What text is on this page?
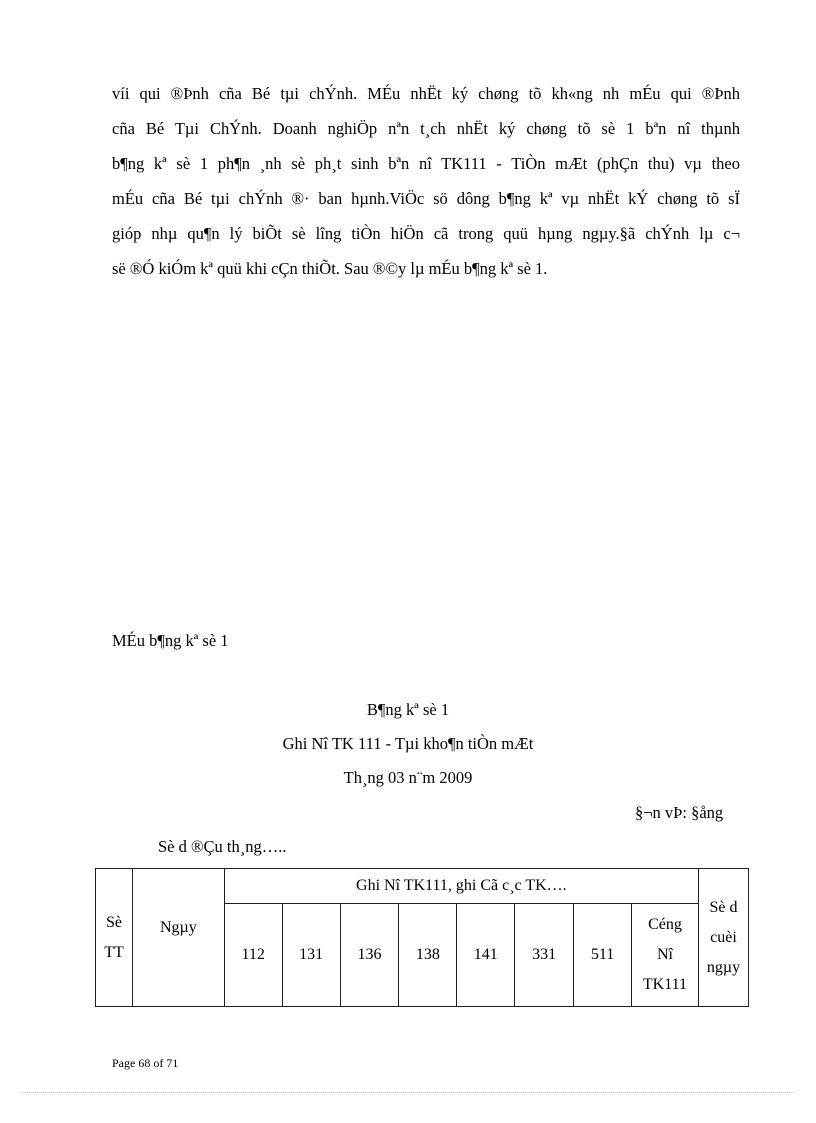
víi qui ®Þnh cña Bé tµi chÝnh. MÉu nhËt ký chøng tõ kh«ng nh mÉu qui ®Þnh
cña Bé Tµi ChÝnh. Doanh nghiÖp nªn t¸ch nhËt ký chøng tõ sè 1 bªn nî thµnh
b¶ng kª sè 1 ph¶n ¸nh sè ph¸t sinh bªn nî TK111 - TiÒn mÆt (phÇn thu) vµ theo
mÉu cña Bé tµi chÝnh ®· ban hµnh.ViÖc sö dông b¶ng kª vµ nhËt kÝ chøng tõ sÏ
gióp nhµ qu¶n lý biÕt sè lîng tiÒn hiÖn cã trong quü hµng ngµy.§ã chÝnh lµ c¬
së ®Ó kiÓm kª quü khi cÇn thiÕt. Sau ®©y lµ mÉu b¶ng kª sè 1.
MÉu b¶ng kª sè 1
B¶ng kª sè 1
Ghi Nî TK 111 - Tµi kho¶n tiÒn mÆt
Th¸ng 03 n¨m 2009
§¬n vÞ: §ång
Sè d ®Çu th¸ng…..
Sè
TT	Ngµy	Ghi Nî TK111, ghi Cã c¸c TK….								Sè d
cuèi
ngµy

		112	131	136	138	141	331	511	Céng
Nî
TK111	
Page 68 of 71
